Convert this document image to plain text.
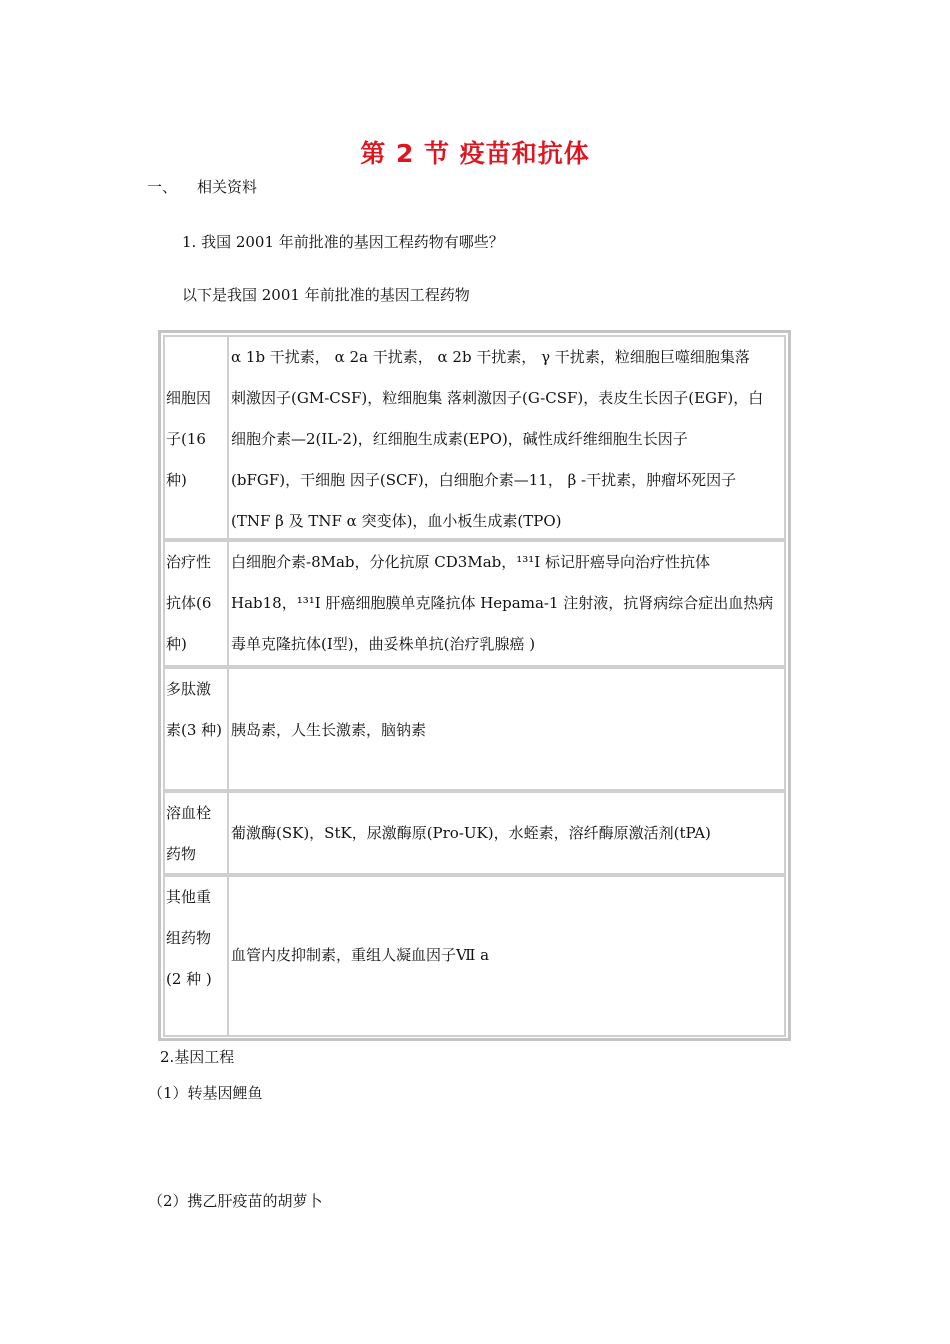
第 2 节 疫苗和抗体
一、 相关资料
1. 我国 2001 年前批准的基因工程药物有哪些？
以下是我国 2001 年前批准的基因工程药物
细胞因
子(16
种)
α 1b 干扰素， α 2a 干扰素， α 2b 干扰素， γ 干扰素，粒细胞巨噬细胞集落
刺激因子(GM-CSF)，粒细胞集 落刺激因子(G-CSF)，表皮生长因子(EGF)，白
细胞介素—2(IL-2)，红细胞生成素(EPO)，碱性成纤维细胞生长因子
(bFGF)，干细胞 因子(SCF)，白细胞介素—11， β -干扰素，肿瘤坏死因子
(TNF β 及 TNF α 突变体)，血小板生成素(TPO)
治疗性
抗体(6
种)
白细胞介素-8Mab，分化抗原 CD3Mab，¹³¹I 标记肝癌导向治疗性抗体
Hab18，¹³¹I 肝癌细胞膜单克隆抗体 Hepama-1 注射液，抗肾病综合症出血热病
毒单克隆抗体(Ⅰ型)，曲妥株单抗(治疗乳腺癌 )
多肽激
素(3 种) 胰岛素，人生长激素，脑钠素
溶血栓
药物
葡激酶(SK)，StK，尿激酶原(Pro-UK)，水蛭素，溶纤酶原激活剂(tPA)
其他重
组药物
(2 种 )
血管内皮抑制素，重组人凝血因子Ⅶ a
2.基因工程
（1）转基因鲤鱼
（2）携乙肝疫苗的胡萝卜
